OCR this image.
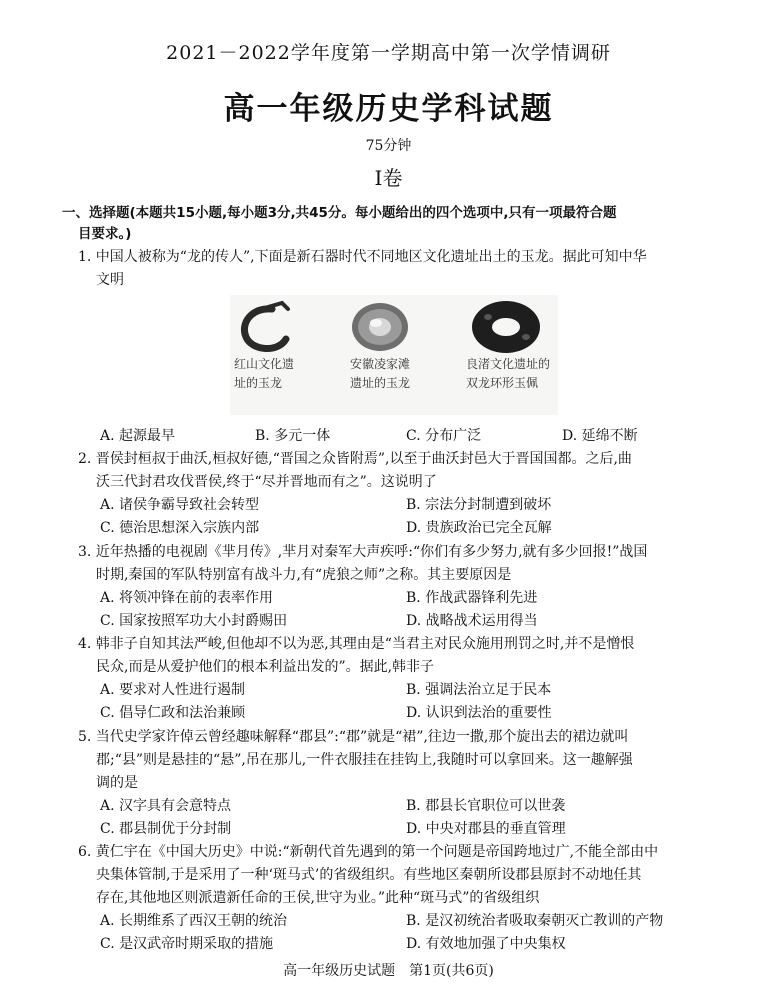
2021－2022学年度第一学期高中第一次学情调研
高一年级历史学科试题
75分钟
Ⅰ卷
一、选择题(本题共15小题,每小题3分,共45分。每小题给出的四个选项中,只有一项最符合题
目要求。)
1. 中国人被称为“龙的传人”,下面是新石器时代不同地区文化遗址出土的玉龙。据此可知中华
文明
红山文化遗
址的玉龙
安徽凌家滩
遗址的玉龙
良渚文化遗址的
双龙环形玉佩
A. 起源最早	B. 多元一体	C. 分布广泛	D. 延绵不断
2. 晋侯封桓叔于曲沃,桓叔好德,“晋国之众皆附焉”,以至于曲沃封邑大于晋国国都。之后,曲
沃三代封君攻伐晋侯,终于“尽并晋地而有之”。这说明了
A. 诸侯争霸导致社会转型	B. 宗法分封制遭到破坏
C. 德治思想深入宗族内部	D. 贵族政治已完全瓦解
3. 近年热播的电视剧《芈月传》,芈月对秦军大声疾呼:“你们有多少努力,就有多少回报!”战国
时期,秦国的军队特别富有战斗力,有“虎狼之师”之称。其主要原因是
A. 将领冲锋在前的表率作用	B. 作战武器锋利先进
C. 国家按照军功大小封爵赐田	D. 战略战术运用得当
4. 韩非子自知其法严峻,但他却不以为恶,其理由是“当君主对民众施用刑罚之时,并不是憎恨
民众,而是从爱护他们的根本利益出发的”。据此,韩非子
A. 要求对人性进行遏制	B. 强调法治立足于民本
C. 倡导仁政和法治兼顾	D. 认识到法治的重要性
5. 当代史学家许倬云曾经趣味解释“郡县”:“郡”就是“裙”,往边一撒,那个旋出去的裙边就叫
郡;“县”则是悬挂的“悬”,吊在那儿,一件衣服挂在挂钩上,我随时可以拿回来。这一趣解强
调的是
A. 汉字具有会意特点	B. 郡县长官职位可以世袭
C. 郡县制优于分封制	D. 中央对郡县的垂直管理
6. 黄仁宇在《中国大历史》中说:“新朝代首先遇到的第一个问题是帝国跨地过广,不能全部由中
央集体管制,于是采用了一种‘斑马式’的省级组织。有些地区秦朝所设郡县原封不动地任其
存在,其他地区则派遣新任命的王侯,世守为业。”此种“斑马式”的省级组织
A. 长期维系了西汉王朝的统治	B. 是汉初统治者吸取秦朝灭亡教训的产物
C. 是汉武帝时期采取的措施	D. 有效地加强了中央集权
高一年级历史试题　第1页(共6页)
